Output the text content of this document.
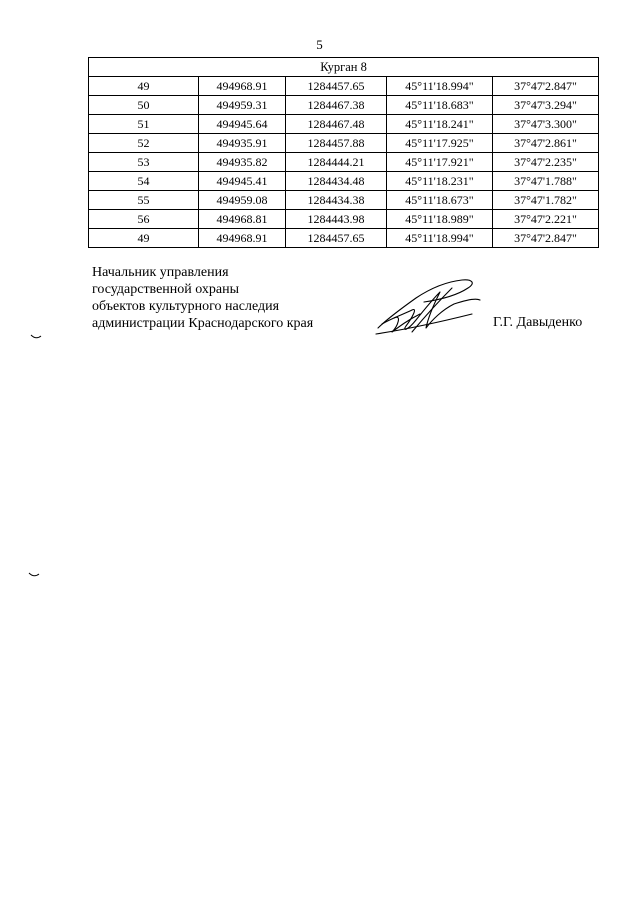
5
Курган 8				
49	494968.91	1284457.65	45°11'18.994"	37°47'2.847"
50	494959.31	1284467.38	45°11'18.683"	37°47'3.294"
51	494945.64	1284467.48	45°11'18.241"	37°47'3.300"
52	494935.91	1284457.88	45°11'17.925"	37°47'2.861"
53	494935.82	1284444.21	45°11'17.921"	37°47'2.235"
54	494945.41	1284434.48	45°11'18.231"	37°47'1.788"
55	494959.08	1284434.38	45°11'18.673"	37°47'1.782"
56	494968.81	1284443.98	45°11'18.989"	37°47'2.221"
49	494968.91	1284457.65	45°11'18.994"	37°47'2.847"
Начальник управления
государственной охраны
объектов культурного наследия
администрации Краснодарского края	Г.Г. Давыденко
